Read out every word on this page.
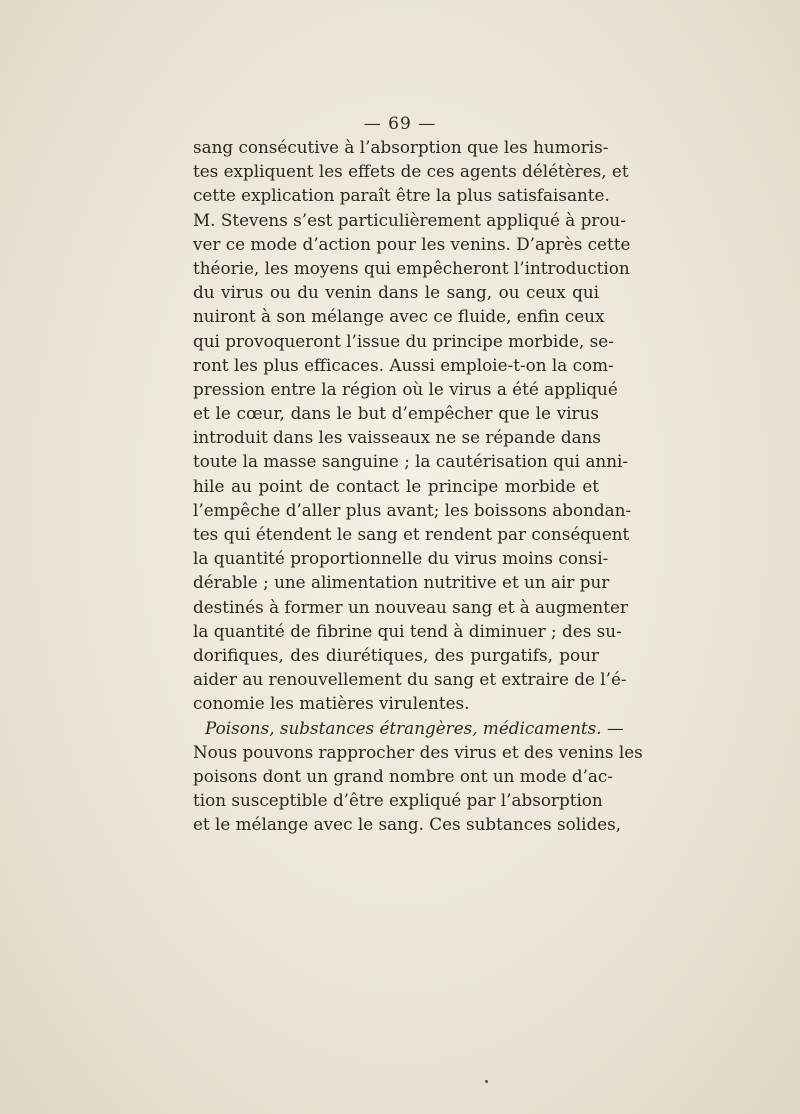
— 69 —
sang consécutive à l’absorption que les humoris-
tes expliquent les effets de ces agents délétères, et
cette explication paraît être la plus satisfaisante.
M. Stevens s’est particulièrement appliqué à prou-
ver ce mode d’action pour les venins. D’après cette
théorie, les moyens qui empêcheront l’introduction
du virus ou du venin dans le sang, ou ceux qui
nuiront à son mélange avec ce fluide, enfin ceux
qui provoqueront l’issue du principe morbide, se-
ront les plus efficaces. Aussi emploie-t-on la com-
pression entre la région où le virus a été appliqué
et le cœur, dans le but d’empêcher que le virus
introduit dans les vaisseaux ne se répande dans
toute la masse sanguine ; la cautérisation qui anni-
hile au point de contact le principe morbide et
l’empêche d’aller plus avant; les boissons abondan-
tes qui étendent le sang et rendent par conséquent
la quantité proportionnelle du virus moins consi-
dérable ; une alimentation nutritive et un air pur
destinés à former un nouveau sang et à augmenter
la quantité de fibrine qui tend à diminuer ; des su-
dorifiques, des diurétiques, des purgatifs, pour
aider au renouvellement du sang et extraire de l’é-
conomie les matières virulentes.
Poisons, substances étrangères, médicaments. —
Nous pouvons rapprocher des virus et des venins les
poisons dont un grand nombre ont un mode d’ac-
tion susceptible d’être expliqué par l’absorption
et le mélange avec le sang. Ces subtances solides,
